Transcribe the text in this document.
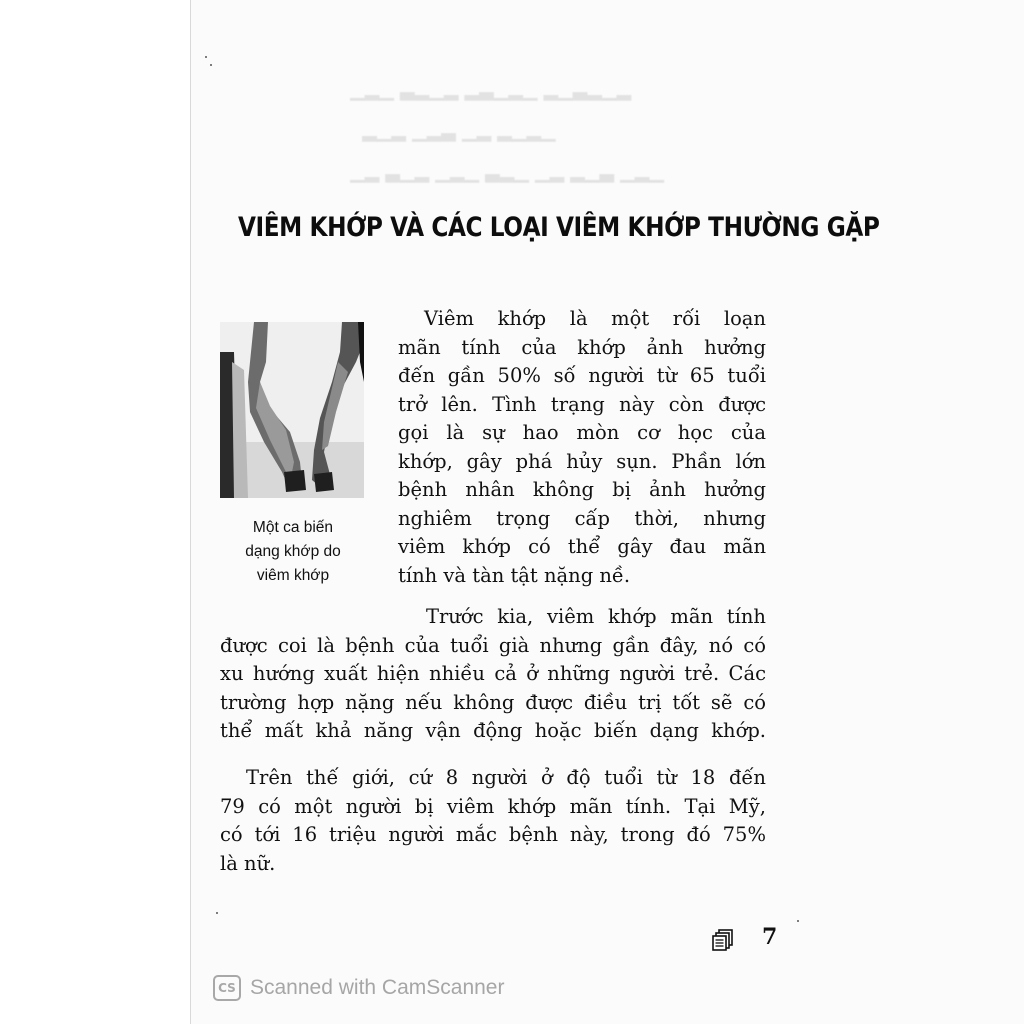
▁▂▁ ▃▂▁▂ ▂▃▁▂▁ ▂▁▃▂▁▂
▂▁▂ ▁▂▃ ▁▂ ▂▁▂▁
▁▂ ▃▁▂ ▁▂▁ ▃▂▁ ▁▂ ▂▁▃ ▁▂▁
VIÊM KHỚP VÀ CÁC LOẠI VIÊM KHỚP THƯỜNG GẶP
Một ca biến
dạng khớp do
viêm khớp
Viêm khớp là một rối loạn
mãn tính của khớp ảnh hưởng
đến gần 50% số người từ 65 tuổi
trở lên. Tình trạng này còn được
gọi là sự hao mòn cơ học của
khớp, gây phá hủy sụn. Phần lớn
bệnh nhân không bị ảnh hưởng
nghiêm trọng cấp thời, nhưng
viêm khớp có thể gây đau mãn
tính và tàn tật nặng nề.
Trước kia, viêm khớp mãn tính
được coi là bệnh của tuổi già nhưng gần đây, nó có
xu hướng xuất hiện nhiều cả ở những người trẻ. Các
trường hợp nặng nếu không được điều trị tốt sẽ có
thể mất khả năng vận động hoặc biến dạng khớp.
Trên thế giới, cứ 8 người ở độ tuổi từ 18 đến
79 có một người bị viêm khớp mãn tính. Tại Mỹ,
có tới 16 triệu người mắc bệnh này, trong đó 75%
là nữ.
7
CS Scanned with CamScanner
